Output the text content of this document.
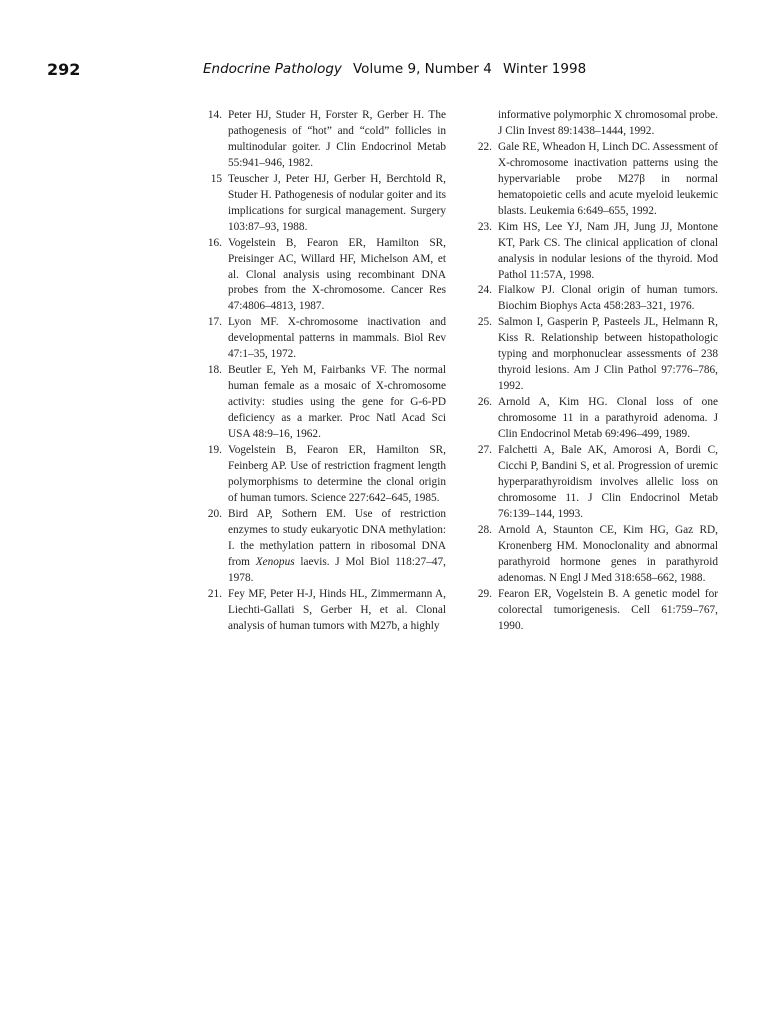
292	Endocrine Pathology Volume 9, Number 4 Winter 1998

14. Peter HJ, Studer H, Forster R, Gerber H. The pathogenesis of “hot” and “cold” follicles in multinodular goiter. J Clin Endocrinol Metab 55:941–946, 1982.

15 Teuscher J, Peter HJ, Gerber H, Berchtold R, Studer H. Pathogenesis of nodular goiter and its implications for surgical management. Surgery 103:87–93, 1988.

16. Vogelstein B, Fearon ER, Hamilton SR, Preisinger AC, Willard HF, Michelson AM, et al. Clonal analysis using recombinant DNA probes from the X-chromosome. Cancer Res 47:4806–4813, 1987.

17. Lyon MF. X-chromosome inactivation and developmental patterns in mammals. Biol Rev 47:1–35, 1972.

18. Beutler E, Yeh M, Fairbanks VF. The normal human female as a mosaic of X-chromosome activity: studies using the gene for G-6-PD deficiency as a marker. Proc Natl Acad Sci USA 48:9–16, 1962.

19. Vogelstein B, Fearon ER, Hamilton SR, Feinberg AP. Use of restriction fragment length polymorphisms to determine the clonal origin of human tumors. Science 227:642–645, 1985.

20. Bird AP, Sothern EM. Use of restriction enzymes to study eukaryotic DNA methylation: I. the methylation pattern in ribosomal DNA from Xenopus laevis. J Mol Biol 118:27–47, 1978.

21. Fey MF, Peter H-J, Hinds HL, Zimmermann A, Liechti-Gallati S, Gerber H, et al. Clonal analysis of human tumors with M27b, a highly

informative polymorphic X chromosomal probe. J Clin Invest 89:1438–1444, 1992.

22. Gale RE, Wheadon H, Linch DC. Assessment of X-chromosome inactivation patterns using the hypervariable probe M27β in normal hematopoietic cells and acute myeloid leukemic blasts. Leukemia 6:649–655, 1992.

23. Kim HS, Lee YJ, Nam JH, Jung JJ, Montone KT, Park CS. The clinical application of clonal analysis in nodular lesions of the thyroid. Mod Pathol 11:57A, 1998.

24. Fialkow PJ. Clonal origin of human tumors. Biochim Biophys Acta 458:283–321, 1976.

25. Salmon I, Gasperin P, Pasteels JL, Helmann R, Kiss R. Relationship between histopathologic typing and morphonuclear assessments of 238 thyroid lesions. Am J Clin Pathol 97:776–786, 1992.

26. Arnold A, Kim HG. Clonal loss of one chromosome 11 in a parathyroid adenoma. J Clin Endocrinol Metab 69:496–499, 1989.

27. Falchetti A, Bale AK, Amorosi A, Bordi C, Cicchi P, Bandini S, et al. Progression of uremic hyperparathyroidism involves allelic loss on chromosome 11. J Clin Endocrinol Metab 76:139–144, 1993.

28. Arnold A, Staunton CE, Kim HG, Gaz RD, Kronenberg HM. Monoclonality and abnormal parathyroid hormone genes in parathyroid adenomas. N Engl J Med 318:658–662, 1988.

29. Fearon ER, Vogelstein B. A genetic model for colorectal tumorigenesis. Cell 61:759–767, 1990.
